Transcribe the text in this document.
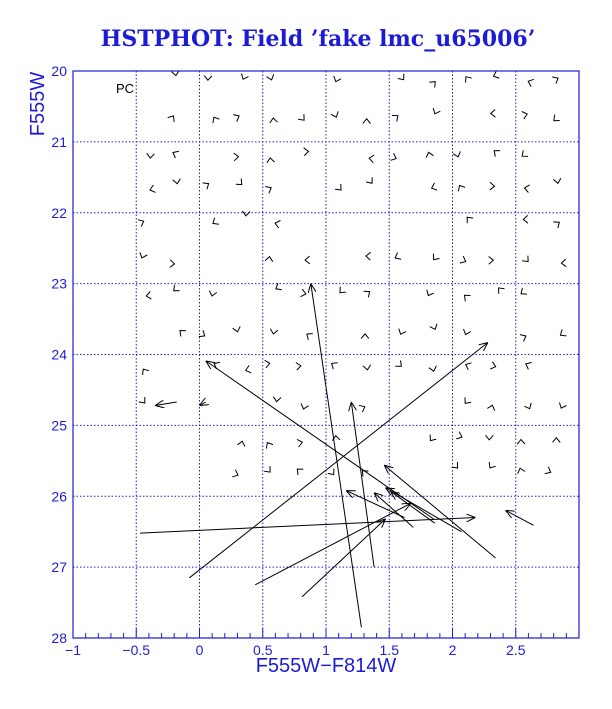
HSTPHOT: Field ’fake lmc_u65006’
−1	−0.5	0	0.5	1	1.5	2	2.5
20
21
22
23
24
25
26
27
28
PC
F555W−F814W
F555W
